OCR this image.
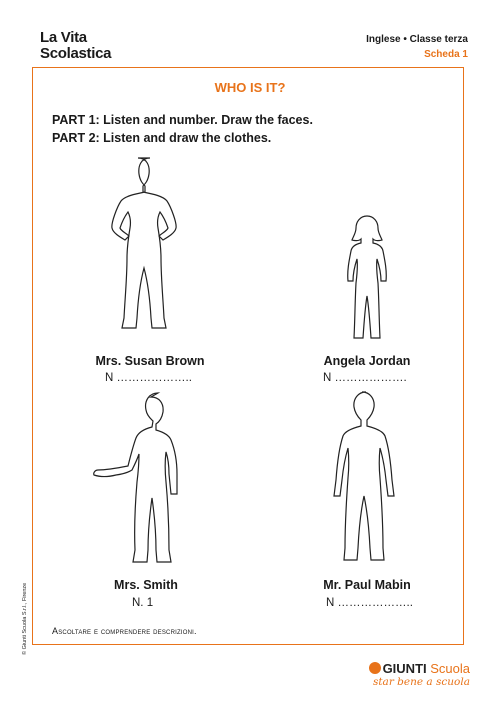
La Vita
Scolastica
Inglese • Classe terza
Scheda 1
WHO IS IT?
PART 1: Listen and number. Draw the faces.
PART 2: Listen and draw the clothes.
Mrs. Susan Brown
N ………………..
Angela Jordan
N ……………….
Mrs. Smith
N. 1
Mr. Paul Mabin
N ………………..
Ascoltare e comprendere descrizioni.
© Giunti Scuola S.r.l., Firenze
GIUNTI Scuola
star bene a scuola
